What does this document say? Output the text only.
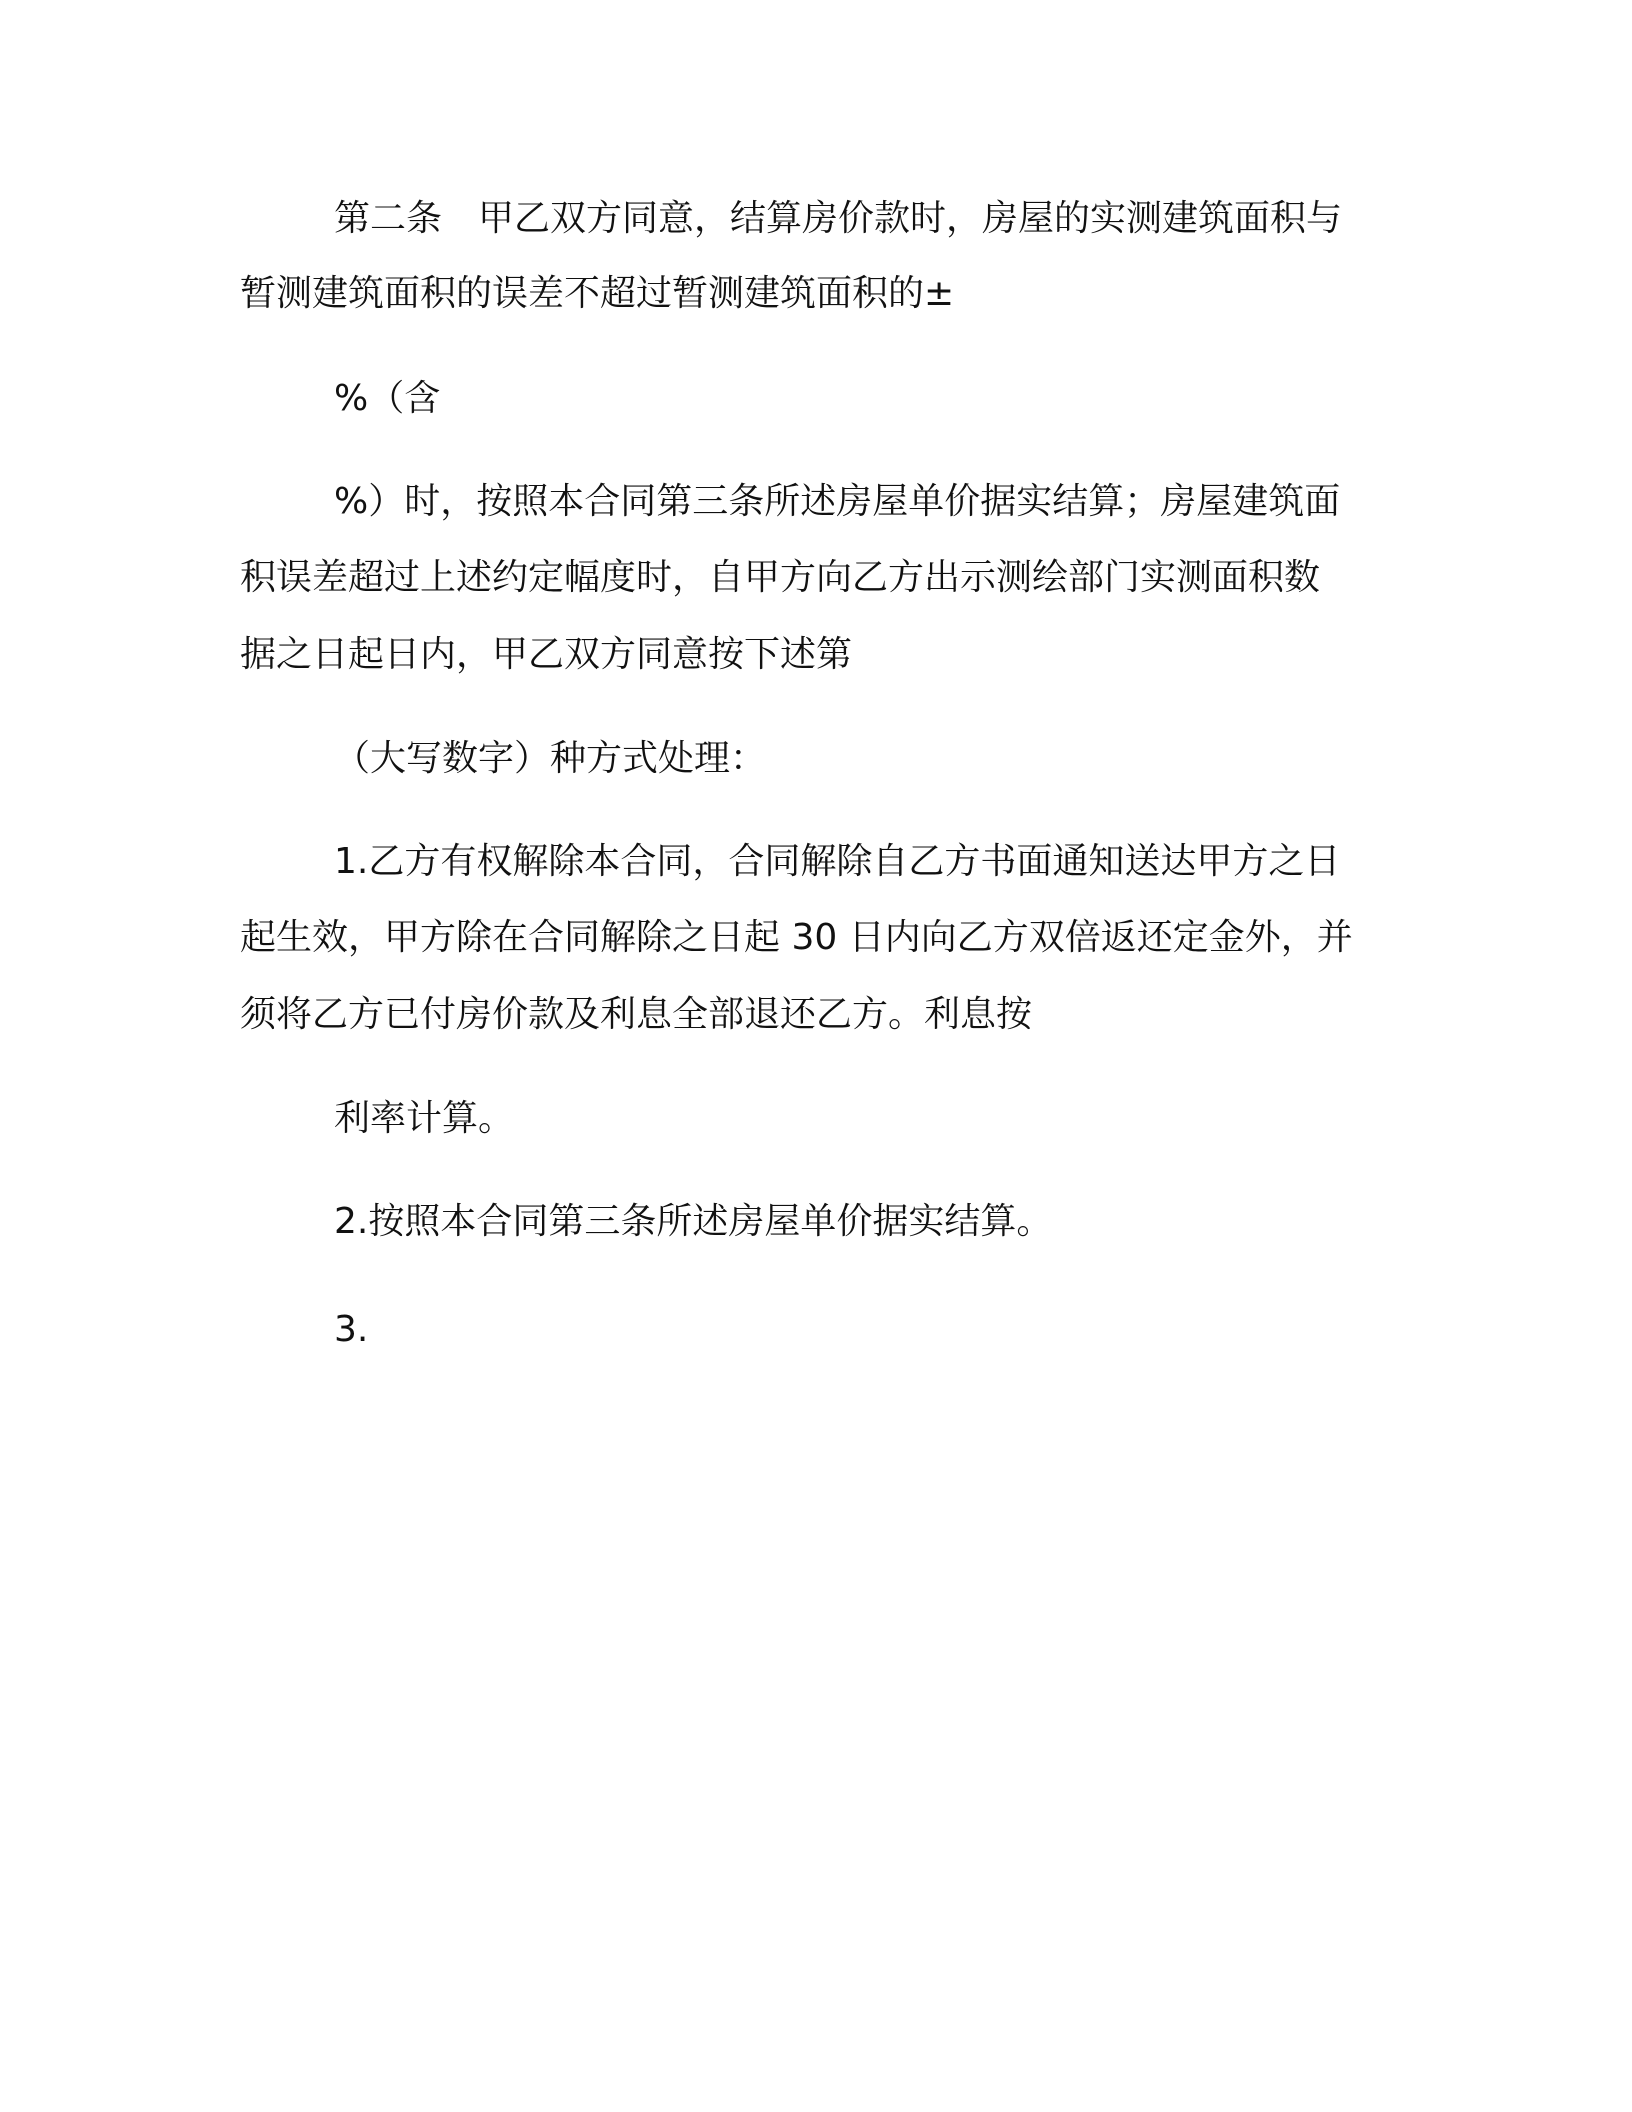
第二条　甲乙双方同意，结算房价款时，房屋的实测建筑面积与

暂测建筑面积的误差不超过暂测建筑面积的±

%（含

%）时，按照本合同第三条所述房屋单价据实结算；房屋建筑面

积误差超过上述约定幅度时，自甲方向乙方出示测绘部门实测面积数

据之日起日内，甲乙双方同意按下述第

（大写数字）种方式处理：

1.乙方有权解除本合同，合同解除自乙方书面通知送达甲方之日

起生效，甲方除在合同解除之日起 30 日内向乙方双倍返还定金外，并

须将乙方已付房价款及利息全部退还乙方。利息按

利率计算。

2.按照本合同第三条所述房屋单价据实结算。

3.
